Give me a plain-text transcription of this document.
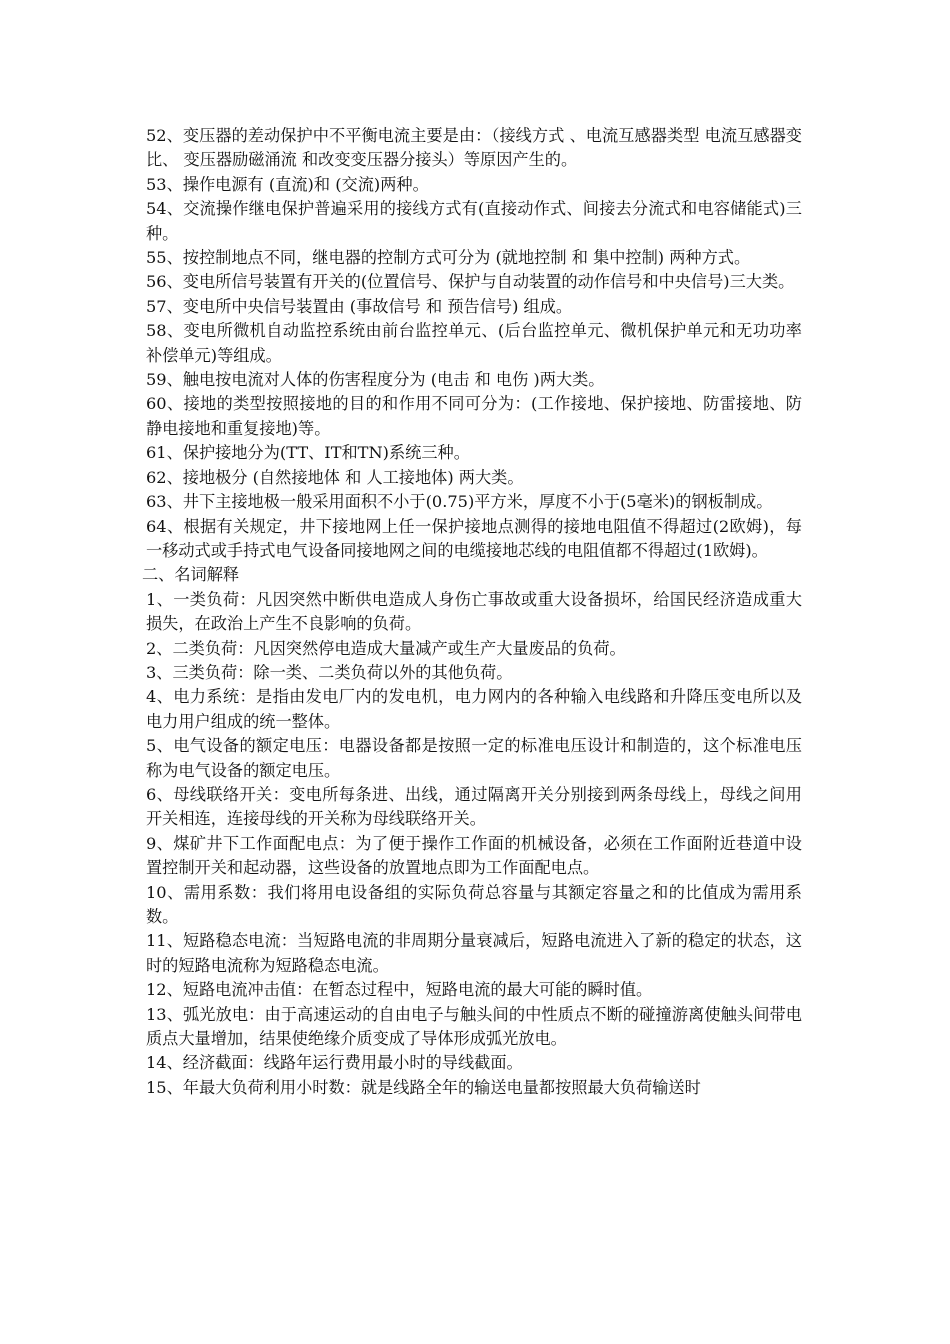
52、变压器的差动保护中不平衡电流主要是由：（接线方式 、电流互感器类型 电流互感器变比、 变压器励磁涌流 和改变变压器分接头）等原因产生的。

53、操作电源有 (直流)和 (交流)两种。

54、交流操作继电保护普遍采用的接线方式有(直接动作式、间接去分流式和电容储能式)三种。

55、按控制地点不同，继电器的控制方式可分为 (就地控制 和 集中控制) 两种方式。

56、变电所信号装置有开关的(位置信号、保护与自动装置的动作信号和中央信号)三大类。

57、变电所中央信号装置由 (事故信号 和 预告信号) 组成。

58、变电所微机自动监控系统由前台监控单元、(后台监控单元、微机保护单元和无功功率补偿单元)等组成。

59、触电按电流对人体的伤害程度分为 (电击 和 电伤 )两大类。

60、接地的类型按照接地的目的和作用不同可分为：(工作接地、保护接地、防雷接地、防静电接地和重复接地)等。

61、保护接地分为(TT、IT和TN)系统三种。

62、接地极分 (自然接地体 和 人工接地体) 两大类。

63、井下主接地极一般采用面积不小于(0.75)平方米，厚度不小于(5毫米)的钢板制成。

64、根据有关规定，井下接地网上任一保护接地点测得的接地电阻值不得超过(2欧姆)，每一移动式或手持式电气设备同接地网之间的电缆接地芯线的电阻值都不得超过(1欧姆)。

二、名词解释

1、一类负荷：凡因突然中断供电造成人身伤亡事故或重大设备损坏，给国民经济造成重大损失，在政治上产生不良影响的负荷。

2、二类负荷：凡因突然停电造成大量减产或生产大量废品的负荷。

3、三类负荷：除一类、二类负荷以外的其他负荷。

4、电力系统：是指由发电厂内的发电机，电力网内的各种输入电线路和升降压变电所以及电力用户组成的统一整体。

5、电气设备的额定电压：电器设备都是按照一定的标准电压设计和制造的，这个标准电压称为电气设备的额定电压。

6、母线联络开关：变电所每条进、出线，通过隔离开关分别接到两条母线上，母线之间用开关相连，连接母线的开关称为母线联络开关。

9、煤矿井下工作面配电点：为了便于操作工作面的机械设备，必须在工作面附近巷道中设置控制开关和起动器，这些设备的放置地点即为工作面配电点。

10、需用系数：我们将用电设备组的实际负荷总容量与其额定容量之和的比值成为需用系数。

11、短路稳态电流：当短路电流的非周期分量衰减后，短路电流进入了新的稳定的状态，这时的短路电流称为短路稳态电流。

12、短路电流冲击值：在暂态过程中，短路电流的最大可能的瞬时值。

13、弧光放电：由于高速运动的自由电子与触头间的中性质点不断的碰撞游离使触头间带电质点大量增加，结果使绝缘介质变成了导体形成弧光放电。

14、经济截面：线路年运行费用最小时的导线截面。

15、年最大负荷利用小时数：就是线路全年的输送电量都按照最大负荷输送时
